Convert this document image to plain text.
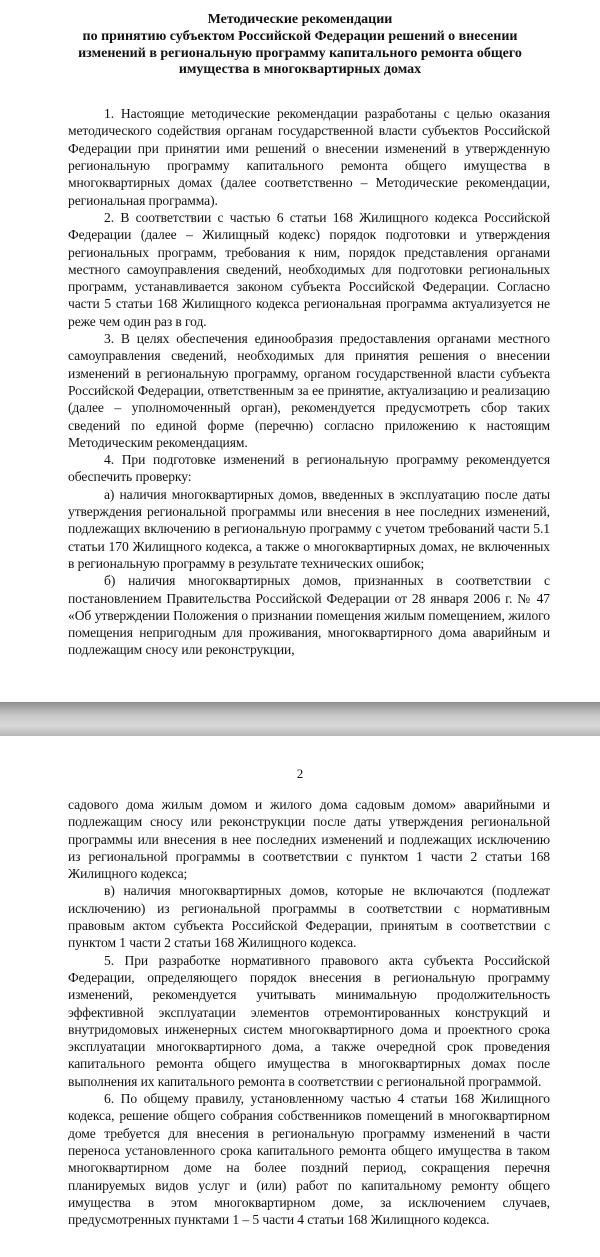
Методические рекомендации
по принятию субъектом Российской Федерации решений о внесении
изменений в региональную программу капитального ремонта общего
имущества в многоквартирных домах

1. Настоящие методические рекомендации разработаны с целью оказания методического содействия органам государственной власти субъектов Российской Федерации при принятии ими решений о внесении изменений в утвержденную региональную программу капитального ремонта общего имущества в многоквартирных домах (далее соответственно – Методические рекомендации, региональная программа).

2. В соответствии с частью 6 статьи 168 Жилищного кодекса Российской Федерации (далее – Жилищный кодекс) порядок подготовки и утверждения региональных программ, требования к ним, порядок представления органами местного самоуправления сведений, необходимых для подготовки региональных программ, устанавливается законом субъекта Российской Федерации. Согласно части 5 статьи 168 Жилищного кодекса региональная программа актуализуется не реже чем один раз в год.

3. В целях обеспечения единообразия предоставления органами местного самоуправления сведений, необходимых для принятия решения о внесении изменений в региональную программу, органом государственной власти субъекта Российской Федерации, ответственным за ее принятие, актуализацию и реализацию (далее – уполномоченный орган), рекомендуется предусмотреть сбор таких сведений по единой форме (перечню) согласно приложению к настоящим Методическим рекомендациям.

4. При подготовке изменений в региональную программу рекомендуется обеспечить проверку:

а) наличия многоквартирных домов, введенных в эксплуатацию после даты утверждения региональной программы или внесения в нее последних изменений, подлежащих включению в региональную программу с учетом требований части 5.1 статьи 170 Жилищного кодекса, а также о многоквартирных домах, не включенных в региональную программу в результате технических ошибок;

б) наличия многоквартирных домов, признанных в соответствии с постановлением Правительства Российской Федерации от 28 января 2006 г. № 47 «Об утверждении Положения о признании помещения жилым помещением, жилого помещения непригодным для проживания, многоквартирного дома аварийным и подлежащим сносу или реконструкции,

2

садового дома жилым домом и жилого дома садовым домом» аварийными и подлежащим сносу или реконструкции после даты утверждения региональной программы или внесения в нее последних изменений и подлежащих исключению из региональной программы в соответствии с пунктом 1 части 2 статьи 168 Жилищного кодекса;

в) наличия многоквартирных домов, которые не включаются (подлежат исключению) из региональной программы в соответствии с нормативным правовым актом субъекта Российской Федерации, принятым в соответствии с пунктом 1 части 2 статьи 168 Жилищного кодекса.

5. При разработке нормативного правового акта субъекта Российской Федерации, определяющего порядок внесения в региональную программу изменений, рекомендуется учитывать минимальную продолжительность эффективной эксплуатации элементов отремонтированных конструкций и внутридомовых инженерных систем многоквартирного дома и проектного срока эксплуатации многоквартирного дома, а также очередной срок проведения капитального ремонта общего имущества в многоквартирных домах после выполнения их капитального ремонта в соответствии с региональной программой.

6. По общему правилу, установленному частью 4 статьи 168 Жилищного кодекса, решение общего собрания собственников помещений в многоквартирном доме требуется для внесения в региональную программу изменений в части переноса установленного срока капитального ремонта общего имущества в таком многоквартирном доме на более поздний период, сокращения перечня планируемых видов услуг и (или) работ по капитальному ремонту общего имущества в этом многоквартирном доме, за исключением случаев, предусмотренных пунктами 1 – 5 части 4 статьи 168 Жилищного кодекса.
